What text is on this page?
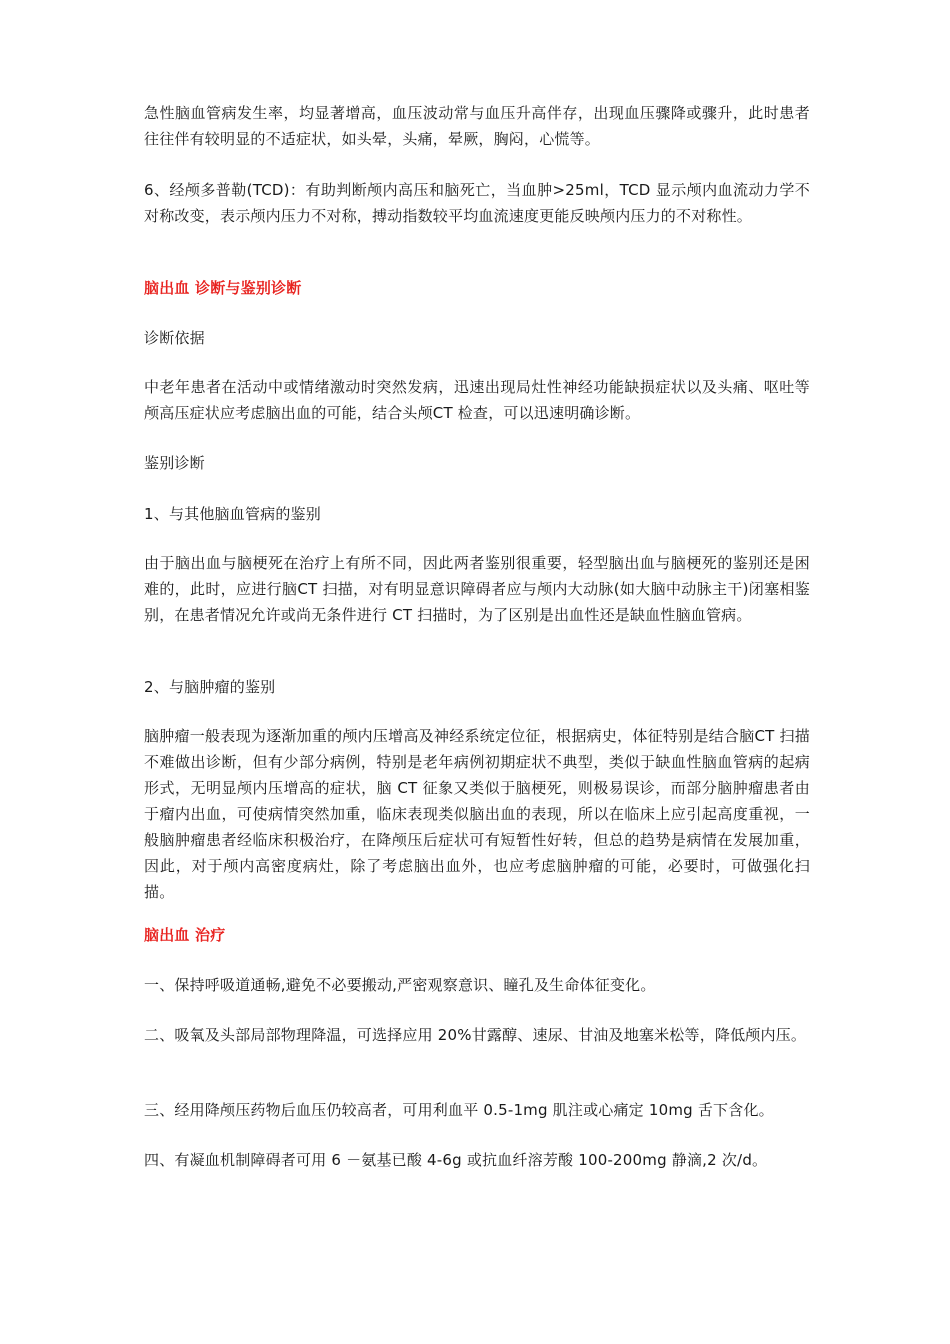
急性脑血管病发生率，均显著增高，血压波动常与血压升高伴存，出现血压骤降或骤升，此时患者往往伴有较明显的不适症状，如头晕，头痛，晕厥，胸闷，心慌等。

6、经颅多普勒(TCD)：有助判断颅内高压和脑死亡，当血肿>25ml，TCD 显示颅内血流动力学不对称改变，表示颅内压力不对称，搏动指数较平均血流速度更能反映颅内压力的不对称性。

脑出血 诊断与鉴别诊断

诊断依据

中老年患者在活动中或情绪激动时突然发病，迅速出现局灶性神经功能缺损症状以及头痛、呕吐等颅高压症状应考虑脑出血的可能，结合头颅CT 检查，可以迅速明确诊断。

鉴别诊断

1、与其他脑血管病的鉴别

由于脑出血与脑梗死在治疗上有所不同，因此两者鉴别很重要，轻型脑出血与脑梗死的鉴别还是困难的，此时，应进行脑CT 扫描，对有明显意识障碍者应与颅内大动脉(如大脑中动脉主干)闭塞相鉴别，在患者情况允许或尚无条件进行 CT 扫描时，为了区别是出血性还是缺血性脑血管病。

2、与脑肿瘤的鉴别

脑肿瘤一般表现为逐渐加重的颅内压增高及神经系统定位征，根据病史，体征特别是结合脑CT 扫描不难做出诊断，但有少部分病例，特别是老年病例初期症状不典型，类似于缺血性脑血管病的起病形式，无明显颅内压增高的症状，脑 CT 征象又类似于脑梗死，则极易误诊，而部分脑肿瘤患者由于瘤内出血，可使病情突然加重，临床表现类似脑出血的表现，所以在临床上应引起高度重视，一般脑肿瘤患者经临床积极治疗，在降颅压后症状可有短暂性好转，但总的趋势是病情在发展加重，因此，对于颅内高密度病灶，除了考虑脑出血外，也应考虑脑肿瘤的可能，必要时，可做强化扫描。

脑出血 治疗

一、保持呼吸道通畅,避免不必要搬动,严密观察意识、瞳孔及生命体征变化。

二、吸氧及头部局部物理降温，可选择应用 20%甘露醇、速尿、甘油及地塞米松等，降低颅内压。

三、经用降颅压药物后血压仍较高者，可用利血平 0.5-1mg 肌注或心痛定 10mg 舌下含化。

四、有凝血机制障碍者可用 6 －氨基已酸 4-6g 或抗血纤溶芳酸 100-200mg 静滴,2 次/d。
